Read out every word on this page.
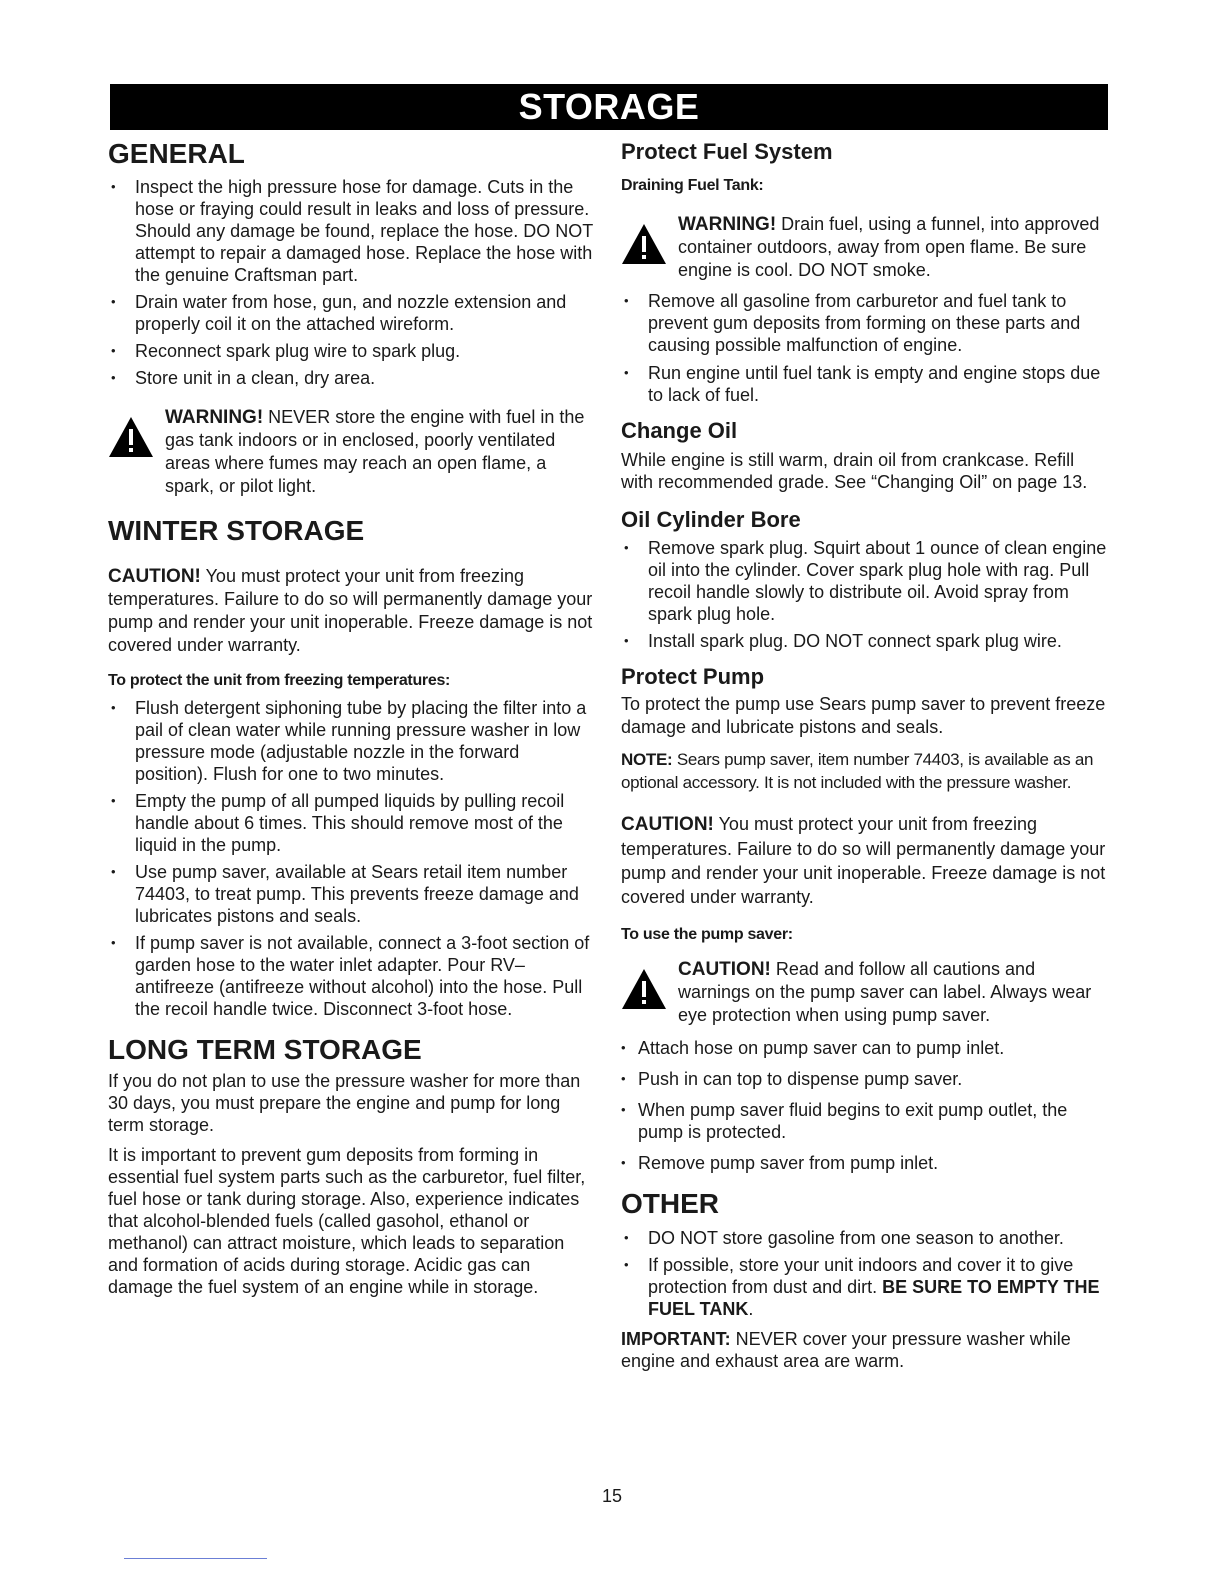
STORAGE
GENERAL
• Inspect the high pressure hose for damage. Cuts in the hose or fraying could result in leaks and loss of pressure. Should any damage be found, replace the hose. DO NOT attempt to repair a damaged hose. Replace the hose with the genuine Craftsman part.
• Drain water from hose, gun, and nozzle extension and properly coil it on the attached wireform.
• Reconnect spark plug wire to spark plug.
• Store unit in a clean, dry area.
WARNING! NEVER store the engine with fuel in the gas tank indoors or in enclosed, poorly ventilated areas where fumes may reach an open flame, a spark, or pilot light.
WINTER STORAGE

CAUTION! You must protect your unit from freezing temperatures. Failure to do so will permanently damage your pump and render your unit inoperable. Freeze damage is not covered under warranty.

To protect the unit from freezing temperatures:

• Flush detergent siphoning tube by placing the filter into a pail of clean water while running pressure washer in low pressure mode (adjustable nozzle in the forward position). Flush for one to two minutes.
• Empty the pump of all pumped liquids by pulling recoil handle about 6 times. This should remove most of the liquid in the pump.
• Use pump saver, available at Sears retail item number 74403, to treat pump. This prevents freeze damage and lubricates pistons and seals.
• If pump saver is not available, connect a 3-foot section of garden hose to the water inlet adapter. Pour RV–antifreeze (antifreeze without alcohol) into the hose. Pull the recoil handle twice. Disconnect 3-foot hose.
LONG TERM STORAGE

If you do not plan to use the pressure washer for more than 30 days, you must prepare the engine and pump for long term storage.

It is important to prevent gum deposits from forming in essential fuel system parts such as the carburetor, fuel filter, fuel hose or tank during storage. Also, experience indicates that alcohol-blended fuels (called gasohol, ethanol or methanol) can attract moisture, which leads to separation and formation of acids during storage. Acidic gas can damage the fuel system of an engine while in storage.

Protect Fuel System

Draining Fuel Tank:

WARNING! Drain fuel, using a funnel, into approved container outdoors, away from open flame. Be sure engine is cool. DO NOT smoke.
• Remove all gasoline from carburetor and fuel tank to prevent gum deposits from forming on these parts and causing possible malfunction of engine.
• Run engine until fuel tank is empty and engine stops due to lack of fuel.
Change Oil

While engine is still warm, drain oil from crankcase. Refill with recommended grade. See “Changing Oil” on page 13.

Oil Cylinder Bore
• Remove spark plug. Squirt about 1 ounce of clean engine oil into the cylinder. Cover spark plug hole with rag. Pull recoil handle slowly to distribute oil. Avoid spray from spark plug hole.
• Install spark plug. DO NOT connect spark plug wire.
Protect Pump

To protect the pump use Sears pump saver to prevent freeze damage and lubricate pistons and seals.

NOTE: Sears pump saver, item number 74403, is available as an optional accessory. It is not included with the pressure washer.

CAUTION! You must protect your unit from freezing temperatures. Failure to do so will permanently damage your pump and render your unit inoperable. Freeze damage is not covered under warranty.

To use the pump saver:

CAUTION! Read and follow all cautions and warnings on the pump saver can label. Always wear eye protection when using pump saver.
• Attach hose on pump saver can to pump inlet.
• Push in can top to dispense pump saver.
• When pump saver fluid begins to exit pump outlet, the pump is protected.
• Remove pump saver from pump inlet.
OTHER
• DO NOT store gasoline from one season to another.
• If possible, store your unit indoors and cover it to give protection from dust and dirt. BE SURE TO EMPTY THE FUEL TANK.

IMPORTANT: NEVER cover your pressure washer while engine and exhaust area are warm.

15
